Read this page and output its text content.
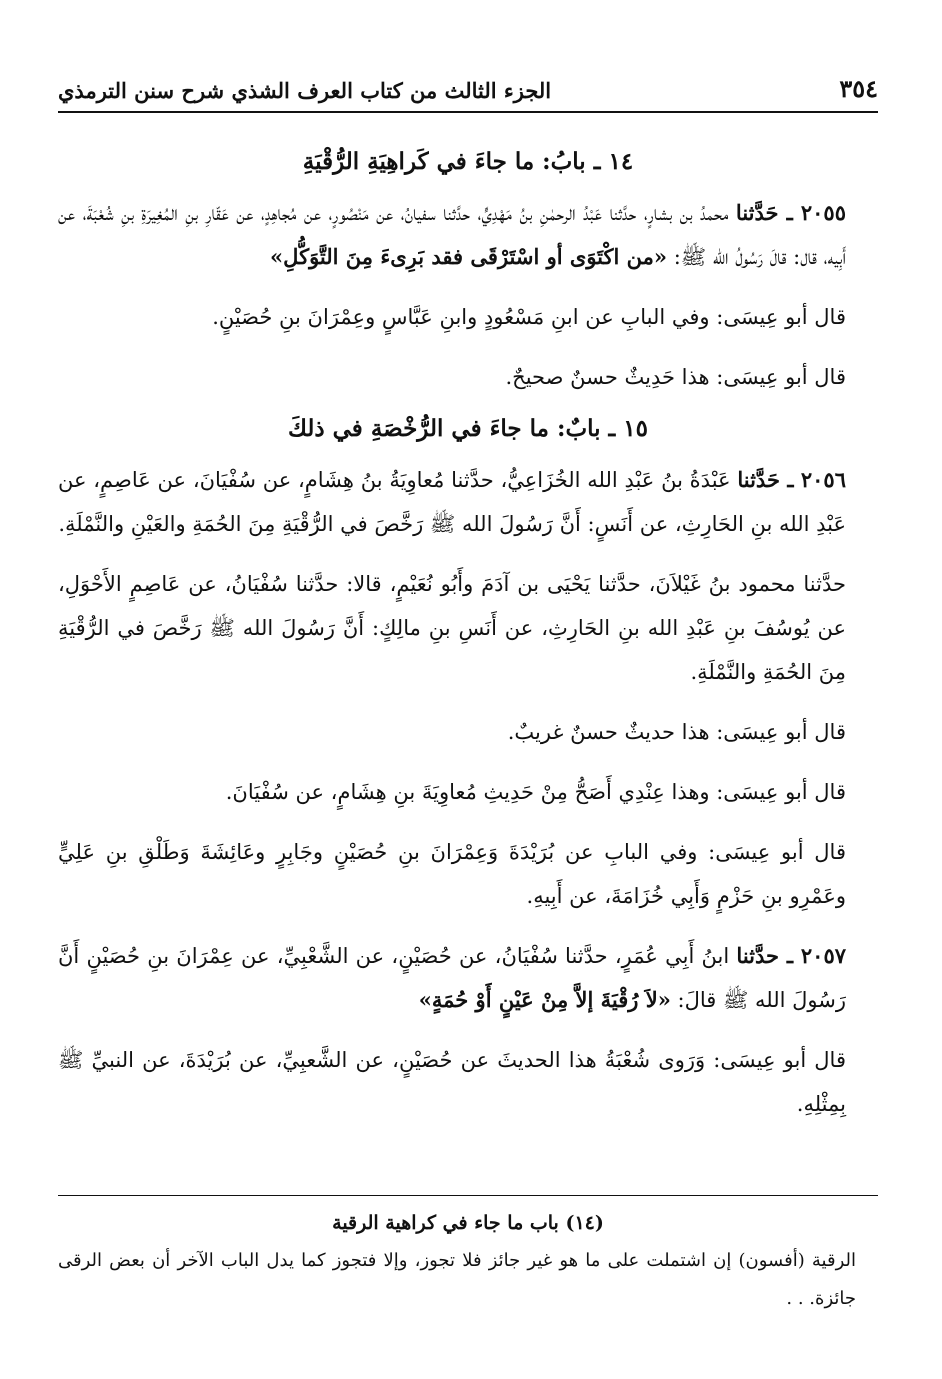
٣٥٤
الجزء الثالث من كتاب العرف الشذي شرح سنن الترمذي
١٤ ـ بابُ: ما جاءَ في كَراهِيَةِ الرُّقْيَةِ

٢٠٥٥ ـ حَدَّثنا محمدُ بن بشارٍ، حدَّثنا عَبْدُ الرحمٰنِ بنُ مَهْدِيٍّ، حدَّثنا سفيانُ، عن مَنْصُورٍ، عن مُجاهِدٍ، عن عَقّارِ بنِ المُغِيرَةِ بنِ شُعْبَةَ، عن أَبِيه، قال: قالَ رَسُولُ الله ﷺ: «من اكْتَوَى أو اسْتَرْقَى فقد بَرِىءَ مِنَ التَّوَكُّلِ»

قال أبو عِيسَى: وفي البابِ عن ابنِ مَسْعُودٍ وابنِ عَبَّاسٍ وعِمْرَانَ بنِ حُصَيْنٍ.

قال أبو عِيسَى: هذا حَدِيثٌ حسنٌ صحيحٌ.

١٥ ـ بابٌ: ما جاءَ في الرُّخْصَةِ في ذلكَ

٢٠٥٦ ـ حَدَّثنا عَبْدَةُ بنُ عَبْدِ الله الخُزَاعِيُّ، حدَّثنا مُعاوِيَةُ بنُ هِشَامٍ، عن سُفْيَانَ، عن عَاصِمٍ، عن عَبْدِ الله بنِ الحَارِثِ، عن أَنَسٍ: أَنَّ رَسُولَ الله ﷺ رَخَّصَ في الرُّقْيَةِ مِنَ الحُمَةِ والعَيْنِ والنَّمْلَةِ.

حدَّثنا محمود بنُ غَيْلاَنَ، حدَّثنا يَحْيَى بن آدَمَ وأَبُو نُعَيْمٍ، قالا: حدَّثنا سُفْيَانُ، عن عَاصِمٍ الأَحْوَلِ، عن يُوسُفَ بنِ عَبْدِ الله بنِ الحَارِثِ، عن أَنَسِ بنِ مالِكٍ: أَنَّ رَسُولَ الله ﷺ رَخَّصَ في الرُّقْيَةِ مِنَ الحُمَةِ والنَّمْلَةِ.

قال أبو عِيسَى: هذا حديثٌ حسنٌ غريبٌ.

قال أبو عِيسَى: وهذا عِنْدِي أَصَحُّ مِنْ حَدِيثِ مُعاوِيَةَ بنِ هِشَامٍ، عن سُفْيَانَ.

قال أبو عِيسَى: وفي البابِ عن بُرَيْدَةَ وَعِمْرَانَ بنِ حُصَيْنٍ وجَابِرٍ وعَائِشَةَ وَطَلْقِ بنِ عَلِيٍّ وعَمْرِو بنِ حَزْمٍ وَأَبِي خُزَامَةَ، عن أَبِيهِ.

٢٠٥٧ ـ حدَّثنا ابنُ أَبِي عُمَرٍ، حدَّثنا سُفْيَانُ، عن حُصَيْنٍ، عن الشَّعْبِيِّ، عن عِمْرَانَ بنِ حُصَيْنٍ أَنَّ رَسُولَ الله ﷺ قالَ: «لاَ رُقْيَةَ إلاَّ مِنْ عَيْنٍ أَوْ حُمَةٍ»

قال أبو عِيسَى: وَرَوى شُعْبَةُ هذا الحديثَ عن حُصَيْنٍ، عن الشَّعبِيِّ، عن بُرَيْدَةَ، عن النبيِّ ﷺ بِمِثْلِهِ.

(١٤) باب ما جاء في كراهية الرقية

الرقية (أفسون) إن اشتملت على ما هو غير جائز فلا تجوز، وإلا فتجوز كما يدل الباب الآخر أن بعض الرقى جائزة. . .
